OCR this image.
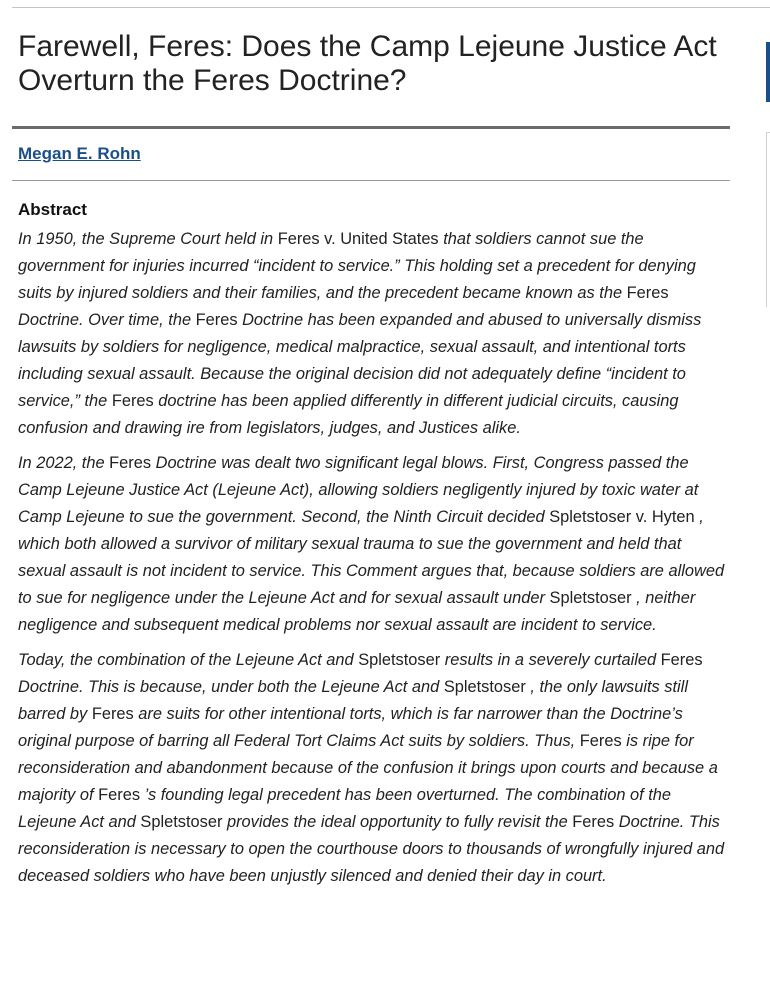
Farewell, Feres: Does the Camp Lejeune Justice Act Overturn the Feres Doctrine?
Megan E. Rohn
Abstract

In 1950, the Supreme Court held in Feres v. United States that soldiers cannot sue the government for injuries incurred “incident to service.” This holding set a precedent for denying suits by injured soldiers and their families, and the precedent became known as the Feres Doctrine. Over time, the Feres Doctrine has been expanded and abused to universally dismiss lawsuits by soldiers for negligence, medical malpractice, sexual assault, and intentional torts including sexual assault. Because the original decision did not adequately define “incident to service,” the Feres doctrine has been applied differently in different judicial circuits, causing confusion and drawing ire from legislators, judges, and Justices alike.

In 2022, the Feres Doctrine was dealt two significant legal blows. First, Congress passed the Camp Lejeune Justice Act (Lejeune Act), allowing soldiers negligently injured by toxic water at Camp Lejeune to sue the government. Second, the Ninth Circuit decided Spletstoser v. Hyten , which both allowed a survivor of military sexual trauma to sue the government and held that sexual assault is not incident to service. This Comment argues that, because soldiers are allowed to sue for negligence under the Lejeune Act and for sexual assault under Spletstoser , neither negligence and subsequent medical problems nor sexual assault are incident to service.

Today, the combination of the Lejeune Act and Spletstoser results in a severely curtailed Feres Doctrine. This is because, under both the Lejeune Act and Spletstoser , the only lawsuits still barred by Feres are suits for other intentional torts, which is far narrower than the Doctrine’s original purpose of barring all Federal Tort Claims Act suits by soldiers. Thus, Feres is ripe for reconsideration and abandonment because of the confusion it brings upon courts and because a majority of Feres ’s founding legal precedent has been overturned. The combination of the Lejeune Act and Spletstoser provides the ideal opportunity to fully revisit the Feres Doctrine. This reconsideration is necessary to open the courthouse doors to thousands of wrongfully injured and deceased soldiers who have been unjustly silenced and denied their day in court.
